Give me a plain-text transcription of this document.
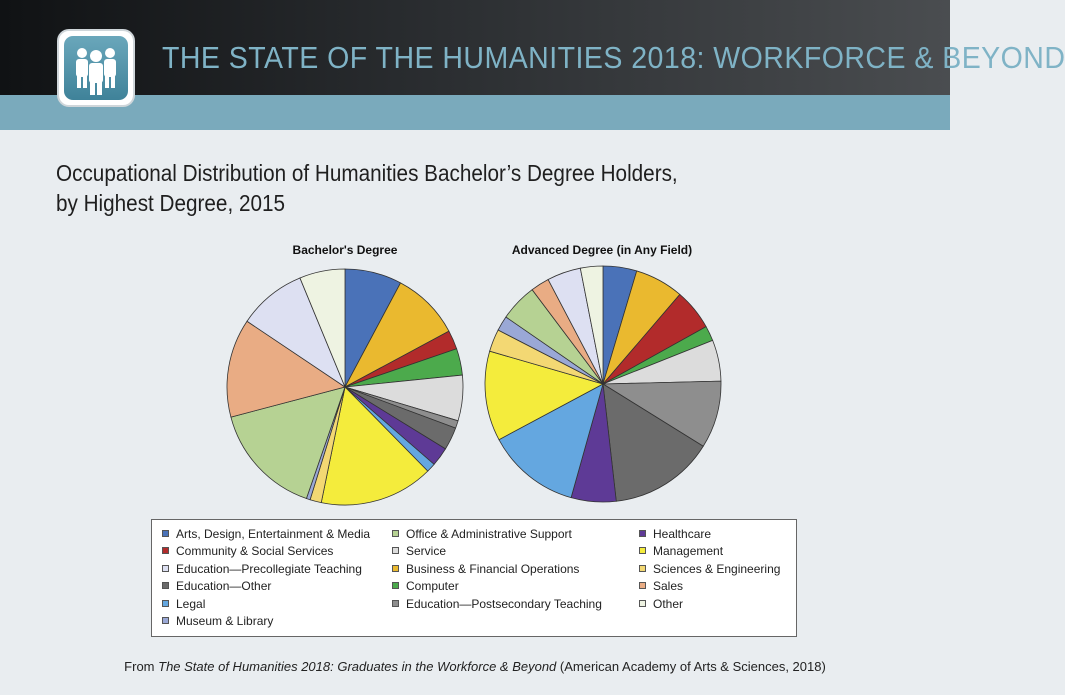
THE STATE OF THE HUMANITIES 2018: WORKFORCE & BEYOND
Occupational Distribution of Humanities Bachelor’s Degree Holders,
by Highest Degree, 2015
Bachelor's Degree	Advanced Degree (in Any Field)
Arts, Design, Entertainment & Media
Community & Social Services
Education—Precollegiate Teaching
Education—Other
Legal
Museum & Library
Office & Administrative Support
Service
Business & Financial Operations
Computer
Education—Postsecondary Teaching
Healthcare
Management
Sciences & Engineering
Sales
Other
From The State of Humanities 2018: Graduates in the Workforce & Beyond (American Academy of Arts & Sciences, 2018)
